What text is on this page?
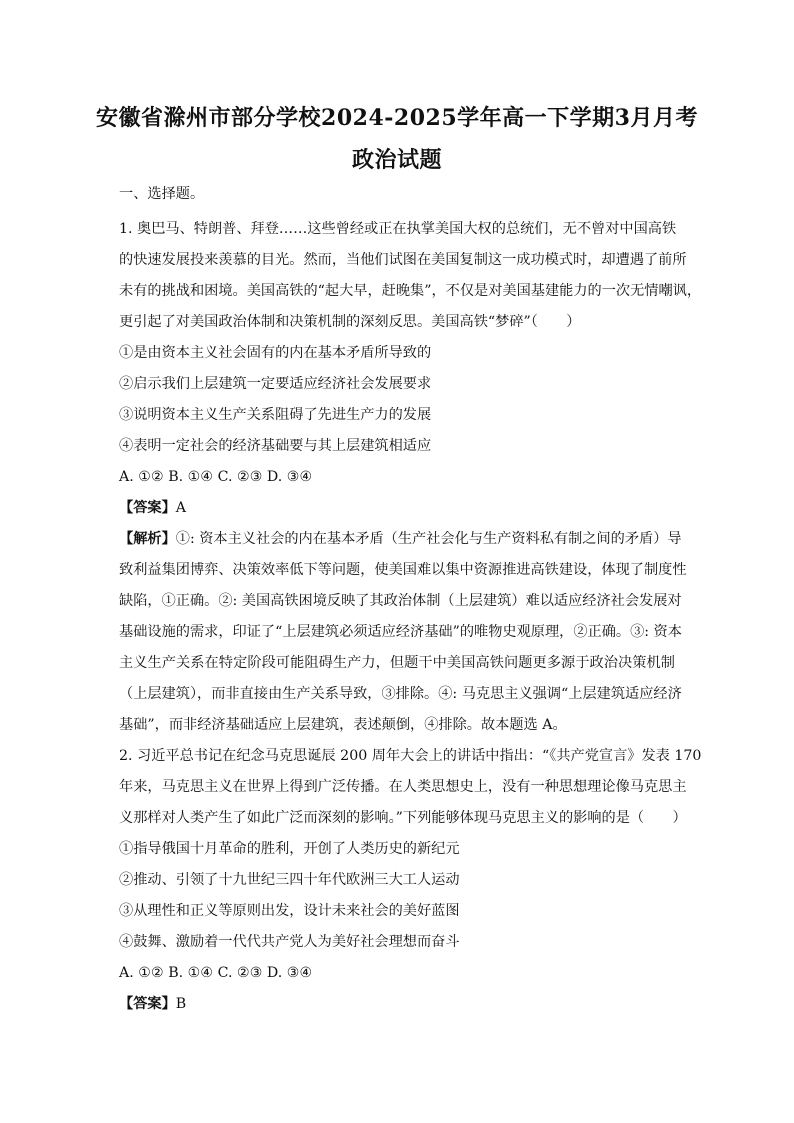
安徽省滁州市部分学校2024-2025学年高一下学期3月月考
政治试题
一、选择题。
1. 奥巴马、特朗普、拜登……这些曾经或正在执掌美国大权的总统们，无不曾对中国高铁
的快速发展投来羡慕的目光。然而，当他们试图在美国复制这一成功模式时，却遭遇了前所
未有的挑战和困境。美国高铁的“起大早，赶晚集”，不仅是对美国基建能力的一次无情嘲讽，
更引起了对美国政治体制和决策机制的深刻反思。美国高铁“梦碎”（　　）
①是由资本主义社会固有的内在基本矛盾所导致的
②启示我们上层建筑一定要适应经济社会发展要求
③说明资本主义生产关系阻碍了先进生产力的发展
④表明一定社会的经济基础要与其上层建筑相适应
A. ①② B. ①④ C. ②③ D. ③④
【答案】A
【解析】①: 资本主义社会的内在基本矛盾（生产社会化与生产资料私有制之间的矛盾）导
致利益集团博弈、决策效率低下等问题，使美国难以集中资源推进高铁建设，体现了制度性
缺陷，①正确。②: 美国高铁困境反映了其政治体制（上层建筑）难以适应经济社会发展对
基础设施的需求，印证了“上层建筑必须适应经济基础”的唯物史观原理，②正确。③: 资本
主义生产关系在特定阶段可能阻碍生产力，但题干中美国高铁问题更多源于政治决策机制
（上层建筑），而非直接由生产关系导致，③排除。④: 马克思主义强调“上层建筑适应经济
基础”，而非经济基础适应上层建筑，表述颠倒，④排除。故本题选 A。
2. 习近平总书记在纪念马克思诞辰 200 周年大会上的讲话中指出：“《共产党宣言》发表 170
年来，马克思主义在世界上得到广泛传播。在人类思想史上，没有一种思想理论像马克思主
义那样对人类产生了如此广泛而深刻的影响。”下列能够体现马克思主义的影响的是（　　）
①指导俄国十月革命的胜利，开创了人类历史的新纪元
②推动、引领了十九世纪三四十年代欧洲三大工人运动
③从理性和正义等原则出发，设计未来社会的美好蓝图
④鼓舞、激励着一代代共产党人为美好社会理想而奋斗
A. ①② B. ①④ C. ②③ D. ③④
【答案】B
